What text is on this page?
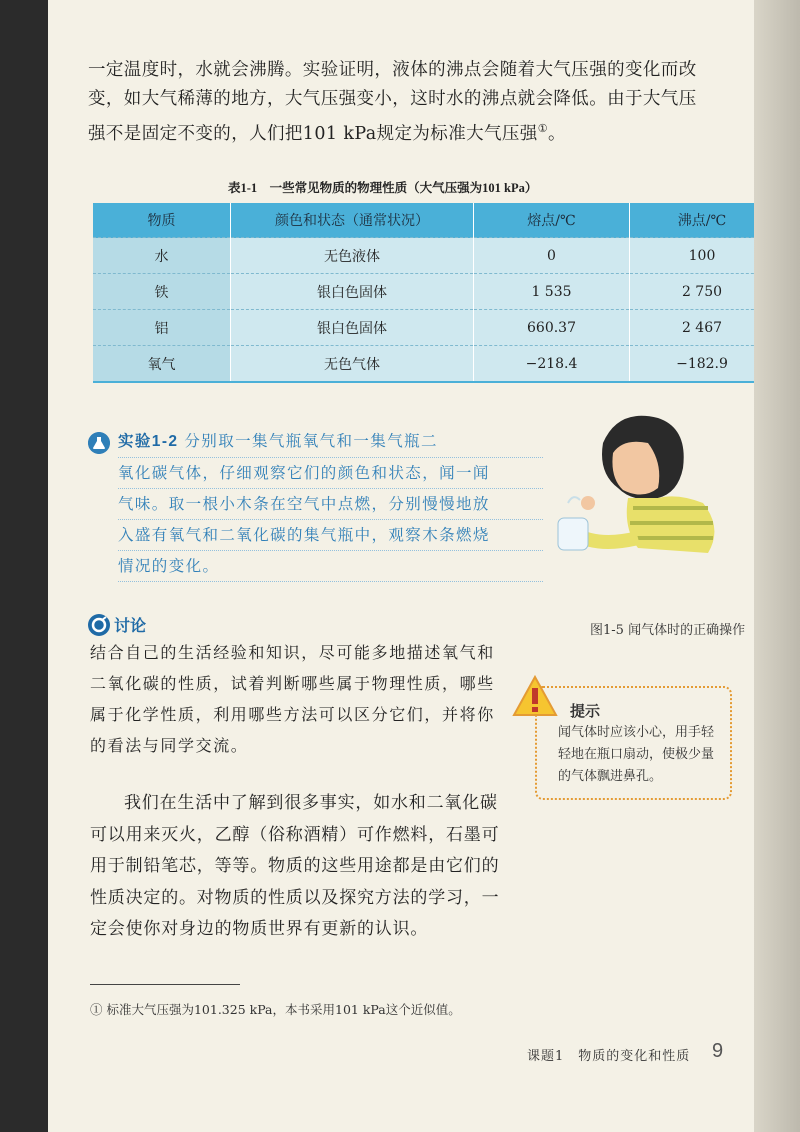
一定温度时，水就会沸腾。实验证明，液体的沸点会随着大气压强的变化而改
变，如大气稀薄的地方，大气压强变小，这时水的沸点就会降低。由于大气压
强不是固定不变的，人们把101 kPa规定为标准大气压强①。

表1-1　一些常见物质的物理性质（大气压强为101 kPa）
物质	颜色和状态（通常状况）	熔点/℃	沸点/℃
水	无色液体	0	100
铁	银白色固体	1 535	2 750
铝	银白色固体	660.37	2 467
氧气	无色气体	−218.4	−182.9
实验1-2 分别取一集气瓶氧气和一集气瓶二
氧化碳气体，仔细观察它们的颜色和状态，闻一闻
气味。取一根小木条在空气中点燃，分别慢慢地放
入盛有氧气和二氧化碳的集气瓶中，观察木条燃烧
情况的变化。
图1-5 闻气体时的正确操作
讨论

结合自己的生活经验和知识，尽可能多地描述氧气和二氧化碳的性质，试着判断哪些属于物理性质，哪些属于化学性质，利用哪些方法可以区分它们，并将你的看法与同学交流。

提示
闻气体时应该小心，用手轻轻地在瓶口扇动，使极少量的气体飘进鼻孔。

我们在生活中了解到很多事实，如水和二氧化碳可以用来灭火，乙醇（俗称酒精）可作燃料，石墨可用于制铅笔芯，等等。物质的这些用途都是由它们的性质决定的。对物质的性质以及探究方法的学习，一定会使你对身边的物质世界有更新的认识。

① 标准大气压强为101.325 kPa，本书采用101 kPa这个近似值。
课题1　物质的变化和性质 9
